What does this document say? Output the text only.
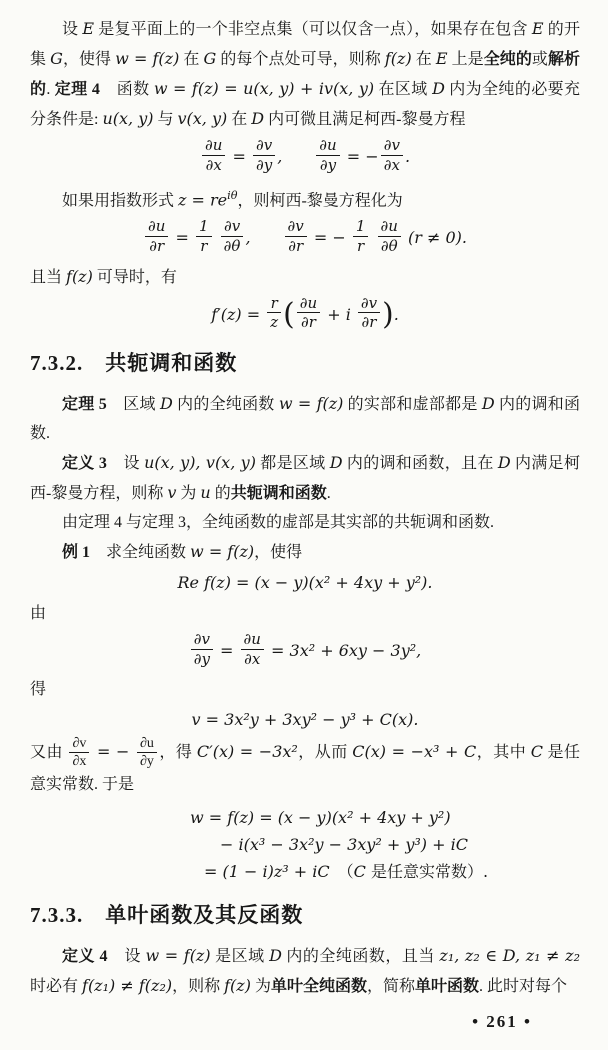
设 E 是复平面上的一个非空点集（可以仅含一点），如果存在包含 E 的开集 G，使得 w = f(z) 在 G 的每个点处可导，则称 f(z) 在 E 上是全纯的或解析的. 定理 4　函数 w = f(z) = u(x, y) + iv(x, y) 在区域 D 内为全纯的必要充分条件是: u(x, y) 与 v(x, y) 在 D 内可微且满足柯西-黎曼方程
$\frac{\partial u}{\partial x} = \frac{\partial v}{\partial y}$ ,   $\frac{\partial u}{\partial y}$ = − $\frac{\partial v}{\partial x}$ .
如果用指数形式 $z = re^{i\theta}$，则柯西-黎曼方程化为
$\frac{\partial u}{\partial r} = \frac{1}{r}$
$\frac{\partial v}{\partial\theta}$ ,   $\frac{\partial v}{\partial r}$ = − $\frac{1}{r}$
$\frac{\partial u}{\partial\theta} (r \ne 0)$.
且当 f(z) 可导时，有
$f'(z) = \frac{r}{z}$ ( $\frac{\partial u}{\partial r} + i \frac{\partial v}{\partial r}$ ).
7.3.2.　共轭调和函数
定理 5　区域 D 内的全纯函数 w = f(z) 的实部和虚部都是 D 内的调和函数.
定义 3　设 u(x, y), v(x, y) 都是区域 D 内的调和函数，且在 D 内满足柯西-黎曼方程，则称 v 为 u 的共轭调和函数.
由定理 4 与定理 3，全纯函数的虚部是其实部的共轭调和函数.
例 1　求全纯函数 w = f(z)，使得
Re f(z) = (x − y)(x² + 4xy + y²).
由
$\frac{\partial v}{\partial y} = \frac{\partial u}{\partial x} = 3x^2 + 6xy - 3y^2$,
得
v = 3x²y + 3xy² − y³ + C(x).
又由 $\frac{\partial v}{\partial x}$ = − $\frac{\partial u}{\partial y}$ ，得 C′(x) = −3x²，从而 C(x) = −x³ + C，其中 C 是任意实常数. 于是
w = f(z) = (x − y)(x² + 4xy + y²)
− i(x³ − 3x²y − 3xy² + y³) + iC
= (1 − i)z³ + iC　（C 是任意实常数）.
7.3.3.　单叶函数及其反函数
定义 4　设 w = f(z) 是区域 D 内的全纯函数，且当 z₁, z₂ ∈ D, z₁ ≠ z₂ 时必有 f(z₁) ≠ f(z₂)，则称 f(z) 为单叶全纯函数，简称单叶函数. 此时对每个
• 261 •
